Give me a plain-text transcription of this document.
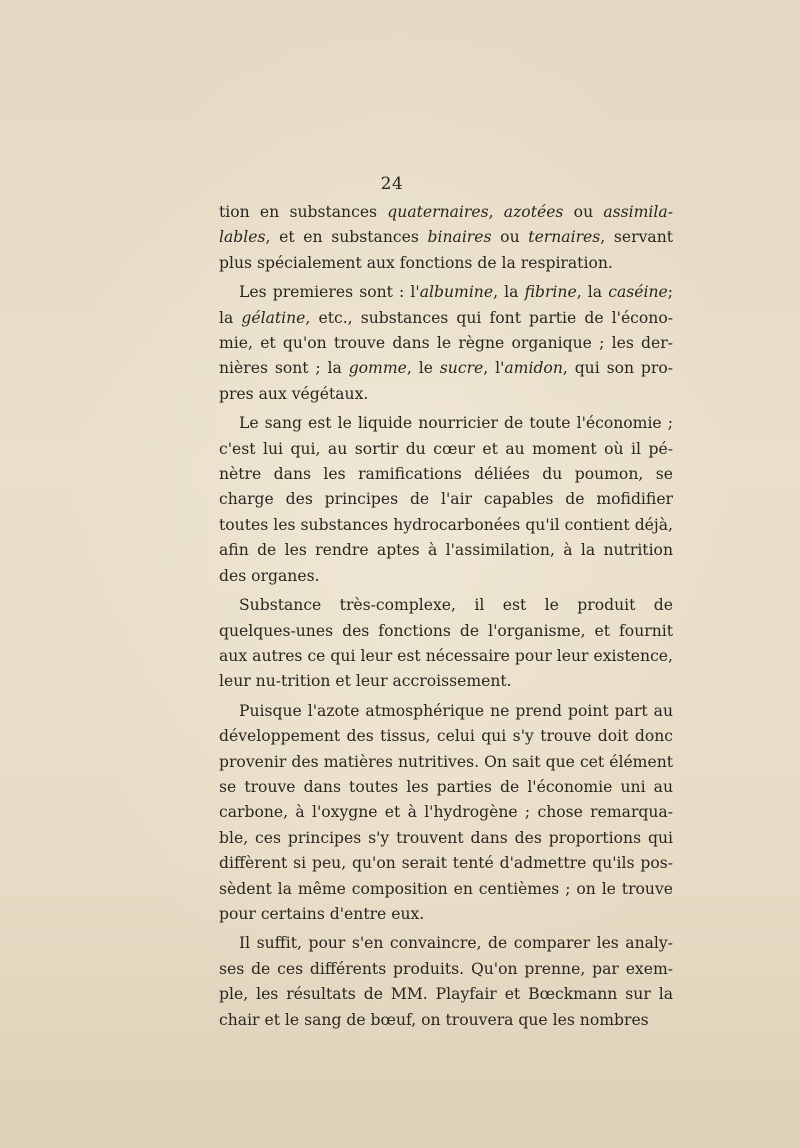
24

tion en substances quaternaires, azotées ou assimila-lables, et en substances binaires ou ternaires, servant plus spécialement aux fonctions de la respiration.

Les premieres sont : l'albumine, la fibrine, la caséine; la gélatine, etc., substances qui font partie de l'écono-mie, et qu'on trouve dans le règne organique ; les der-nières sont ; la gomme, le sucre, l'amidon, qui son pro-pres aux végétaux.

Le sang est le liquide nourricier de toute l'économie ; c'est lui qui, au sortir du cœur et au moment où il pé-nètre dans les ramifications déliées du poumon, se charge des principes de l'air capables de mofidifier toutes les substances hydrocarbonées qu'il contient déjà, afin de les rendre aptes à l'assimilation, à la nutrition des organes.

Substance très-complexe, il est le produit de quelques-unes des fonctions de l'organisme, et fournit aux autres ce qui leur est nécessaire pour leur existence, leur nu-trition et leur accroissement.

Puisque l'azote atmosphérique ne prend point part au développement des tissus, celui qui s'y trouve doit donc provenir des matières nutritives. On sait que cet élément se trouve dans toutes les parties de l'économie uni au carbone, à l'oxygne et à l'hydrogène ; chose remarqua-ble, ces principes s'y trouvent dans des proportions qui diffèrent si peu, qu'on serait tenté d'admettre qu'ils pos-sèdent la même composition en centièmes ; on le trouve pour certains d'entre eux.

Il suffit, pour s'en convaincre, de comparer les analy-ses de ces différents produits. Qu'on prenne, par exem-ple, les résultats de MM. Playfair et Bœckmann sur la chair et le sang de bœuf, on trouvera que les nombres
